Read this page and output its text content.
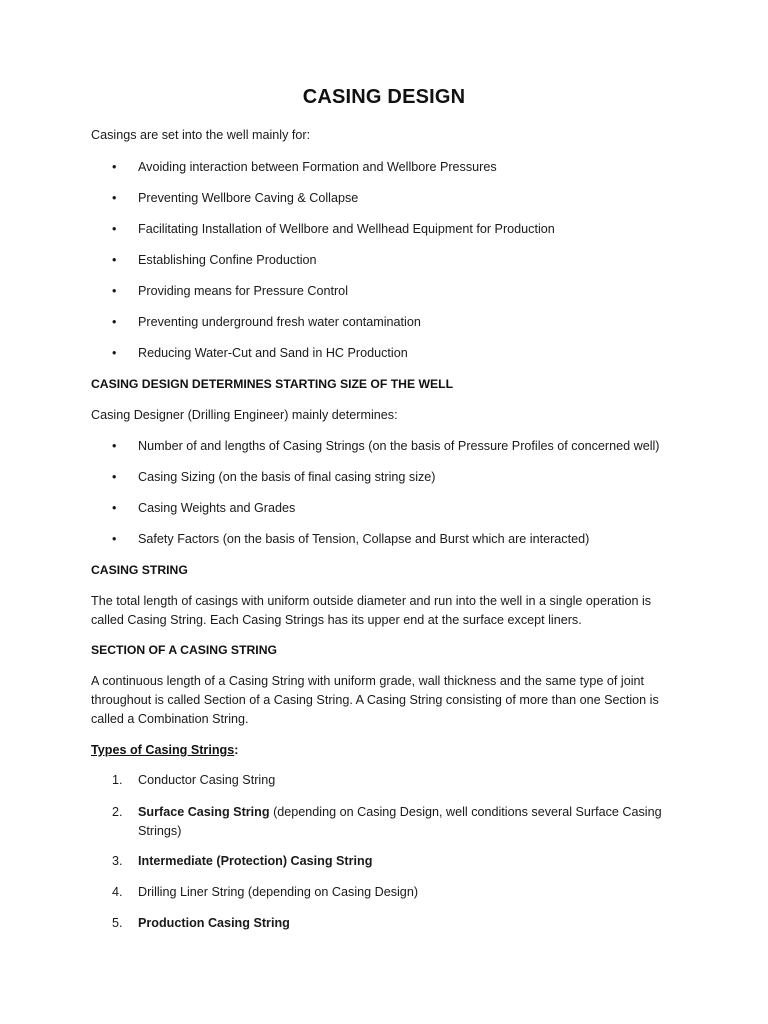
CASING DESIGN
Casings are set into the well mainly for:
•	Avoiding interaction between Formation and Wellbore Pressures
•	Preventing Wellbore Caving & Collapse
•	Facilitating Installation of Wellbore and Wellhead Equipment for Production
•	Establishing Confine Production
•	Providing means for Pressure Control
•	Preventing underground fresh water contamination
•	Reducing Water-Cut and Sand in HC Production
CASING DESIGN DETERMINES STARTING SIZE OF THE WELL
Casing Designer (Drilling Engineer) mainly determines:
•	Number of and lengths of Casing Strings (on the basis of Pressure Profiles of concerned well)
•	Casing Sizing (on the basis of final casing string size)
•	Casing Weights and Grades
•	Safety Factors (on the basis of Tension, Collapse and Burst which are interacted)
CASING STRING
The total length of casings with uniform outside diameter and run into the well in a single operation is called Casing String. Each Casing Strings has its upper end at the surface except liners.
SECTION OF A CASING STRING
A continuous length of a Casing String with uniform grade, wall thickness and the same type of joint throughout is called Section of a Casing String. A Casing String consisting of more than one Section is called a Combination String.
Types of Casing Strings:
1.	Conductor Casing String
2.	Surface Casing String (depending on Casing Design, well conditions several Surface Casing Strings)
3.	Intermediate (Protection) Casing String
4.	Drilling Liner String (depending on Casing Design)
5.	Production Casing String
